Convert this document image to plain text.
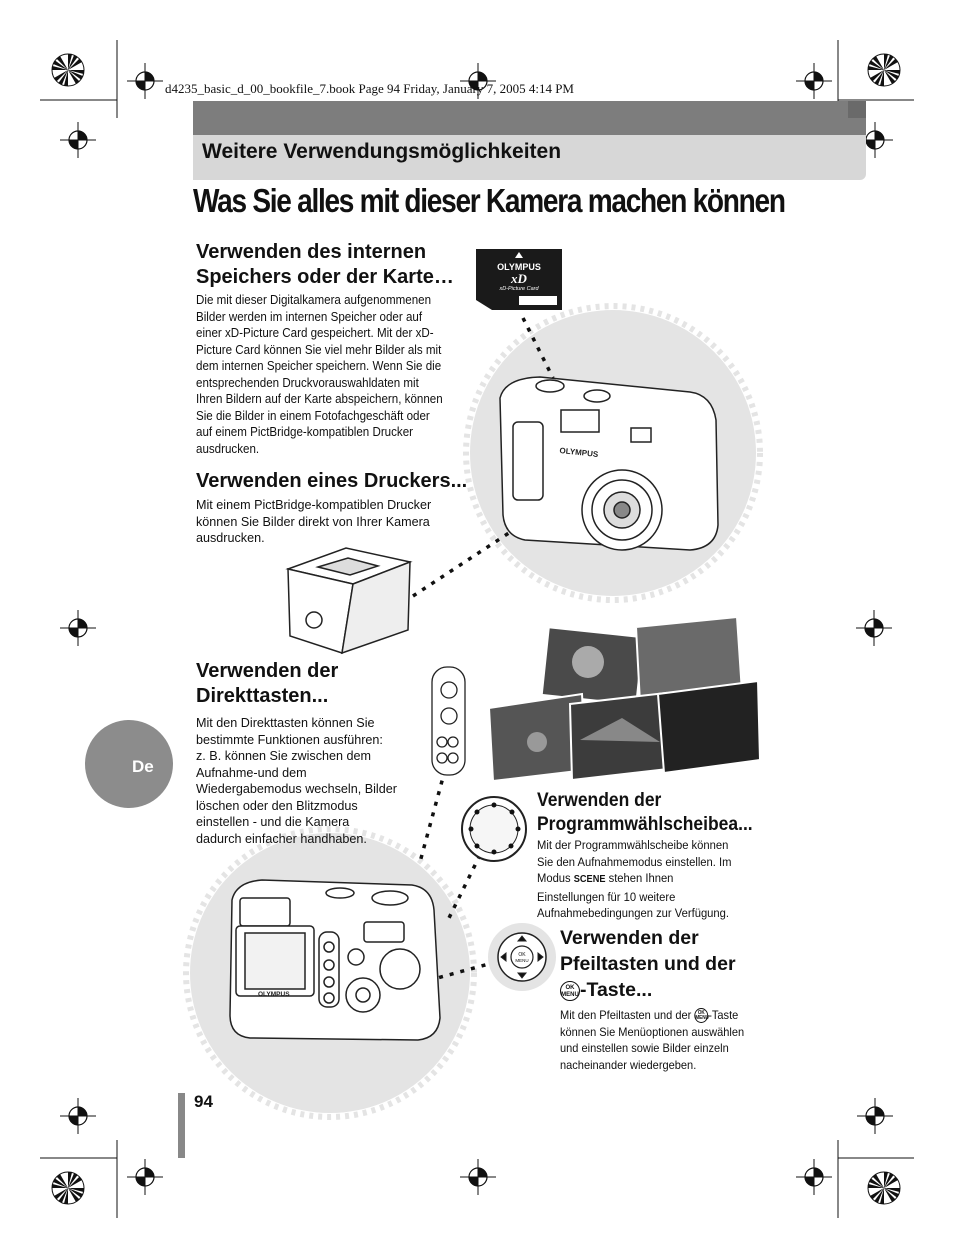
d4235_basic_d_00_bookfile_7.book Page 94 Friday, January 7, 2005 4:14 PM
Weitere Verwendungsmöglichkeiten
Was Sie alles mit dieser Kamera machen können
OK
MENU
OLYMPUS
xD
xD-Picture Card
OLYMPUS
OLYMPUS
Verwenden des internen
Speichers oder der Karte…
Die mit dieser Digitalkamera aufgenommenen
Bilder werden im internen Speicher oder auf
einer xD-Picture Card gespeichert. Mit der xD-
Picture Card können Sie viel mehr Bilder als mit
dem internen Speicher speichern. Wenn Sie die
entsprechenden Druckvorauswahldaten mit
Ihren Bildern auf der Karte abspeichern, können
Sie die Bilder in einem Fotofachgeschäft oder
auf einem PictBridge-kompatiblen Drucker
ausdrucken.
Verwenden eines Druckers...
Mit einem PictBridge-kompatiblen Drucker
können Sie Bilder direkt von Ihrer Kamera
ausdrucken.
Verwenden der
Direkttasten...
Mit den Direkttasten können Sie
bestimmte Funktionen ausführen:
z. B. können Sie zwischen dem
Aufnahme-und dem
Wiedergabemodus wechseln, Bilder
löschen oder den Blitzmodus
einstellen - und die Kamera
dadurch einfacher handhaben.
Verwenden der
Programmwählscheibea...
Mit der Programmwählscheibe können
Sie den Aufnahmemodus einstellen. Im
Modus SCENE stehen Ihnen
Einstellungen für 10 weitere
Aufnahmebedingungen zur Verfügung.
Verwenden der
Pfeiltasten und der
OK
MENU-Taste...
Mit den Pfeiltasten und der OK
MENU-Taste
können Sie Menüoptionen auswählen
und einstellen sowie Bilder einzeln
nacheinander wiedergeben.
De
94
